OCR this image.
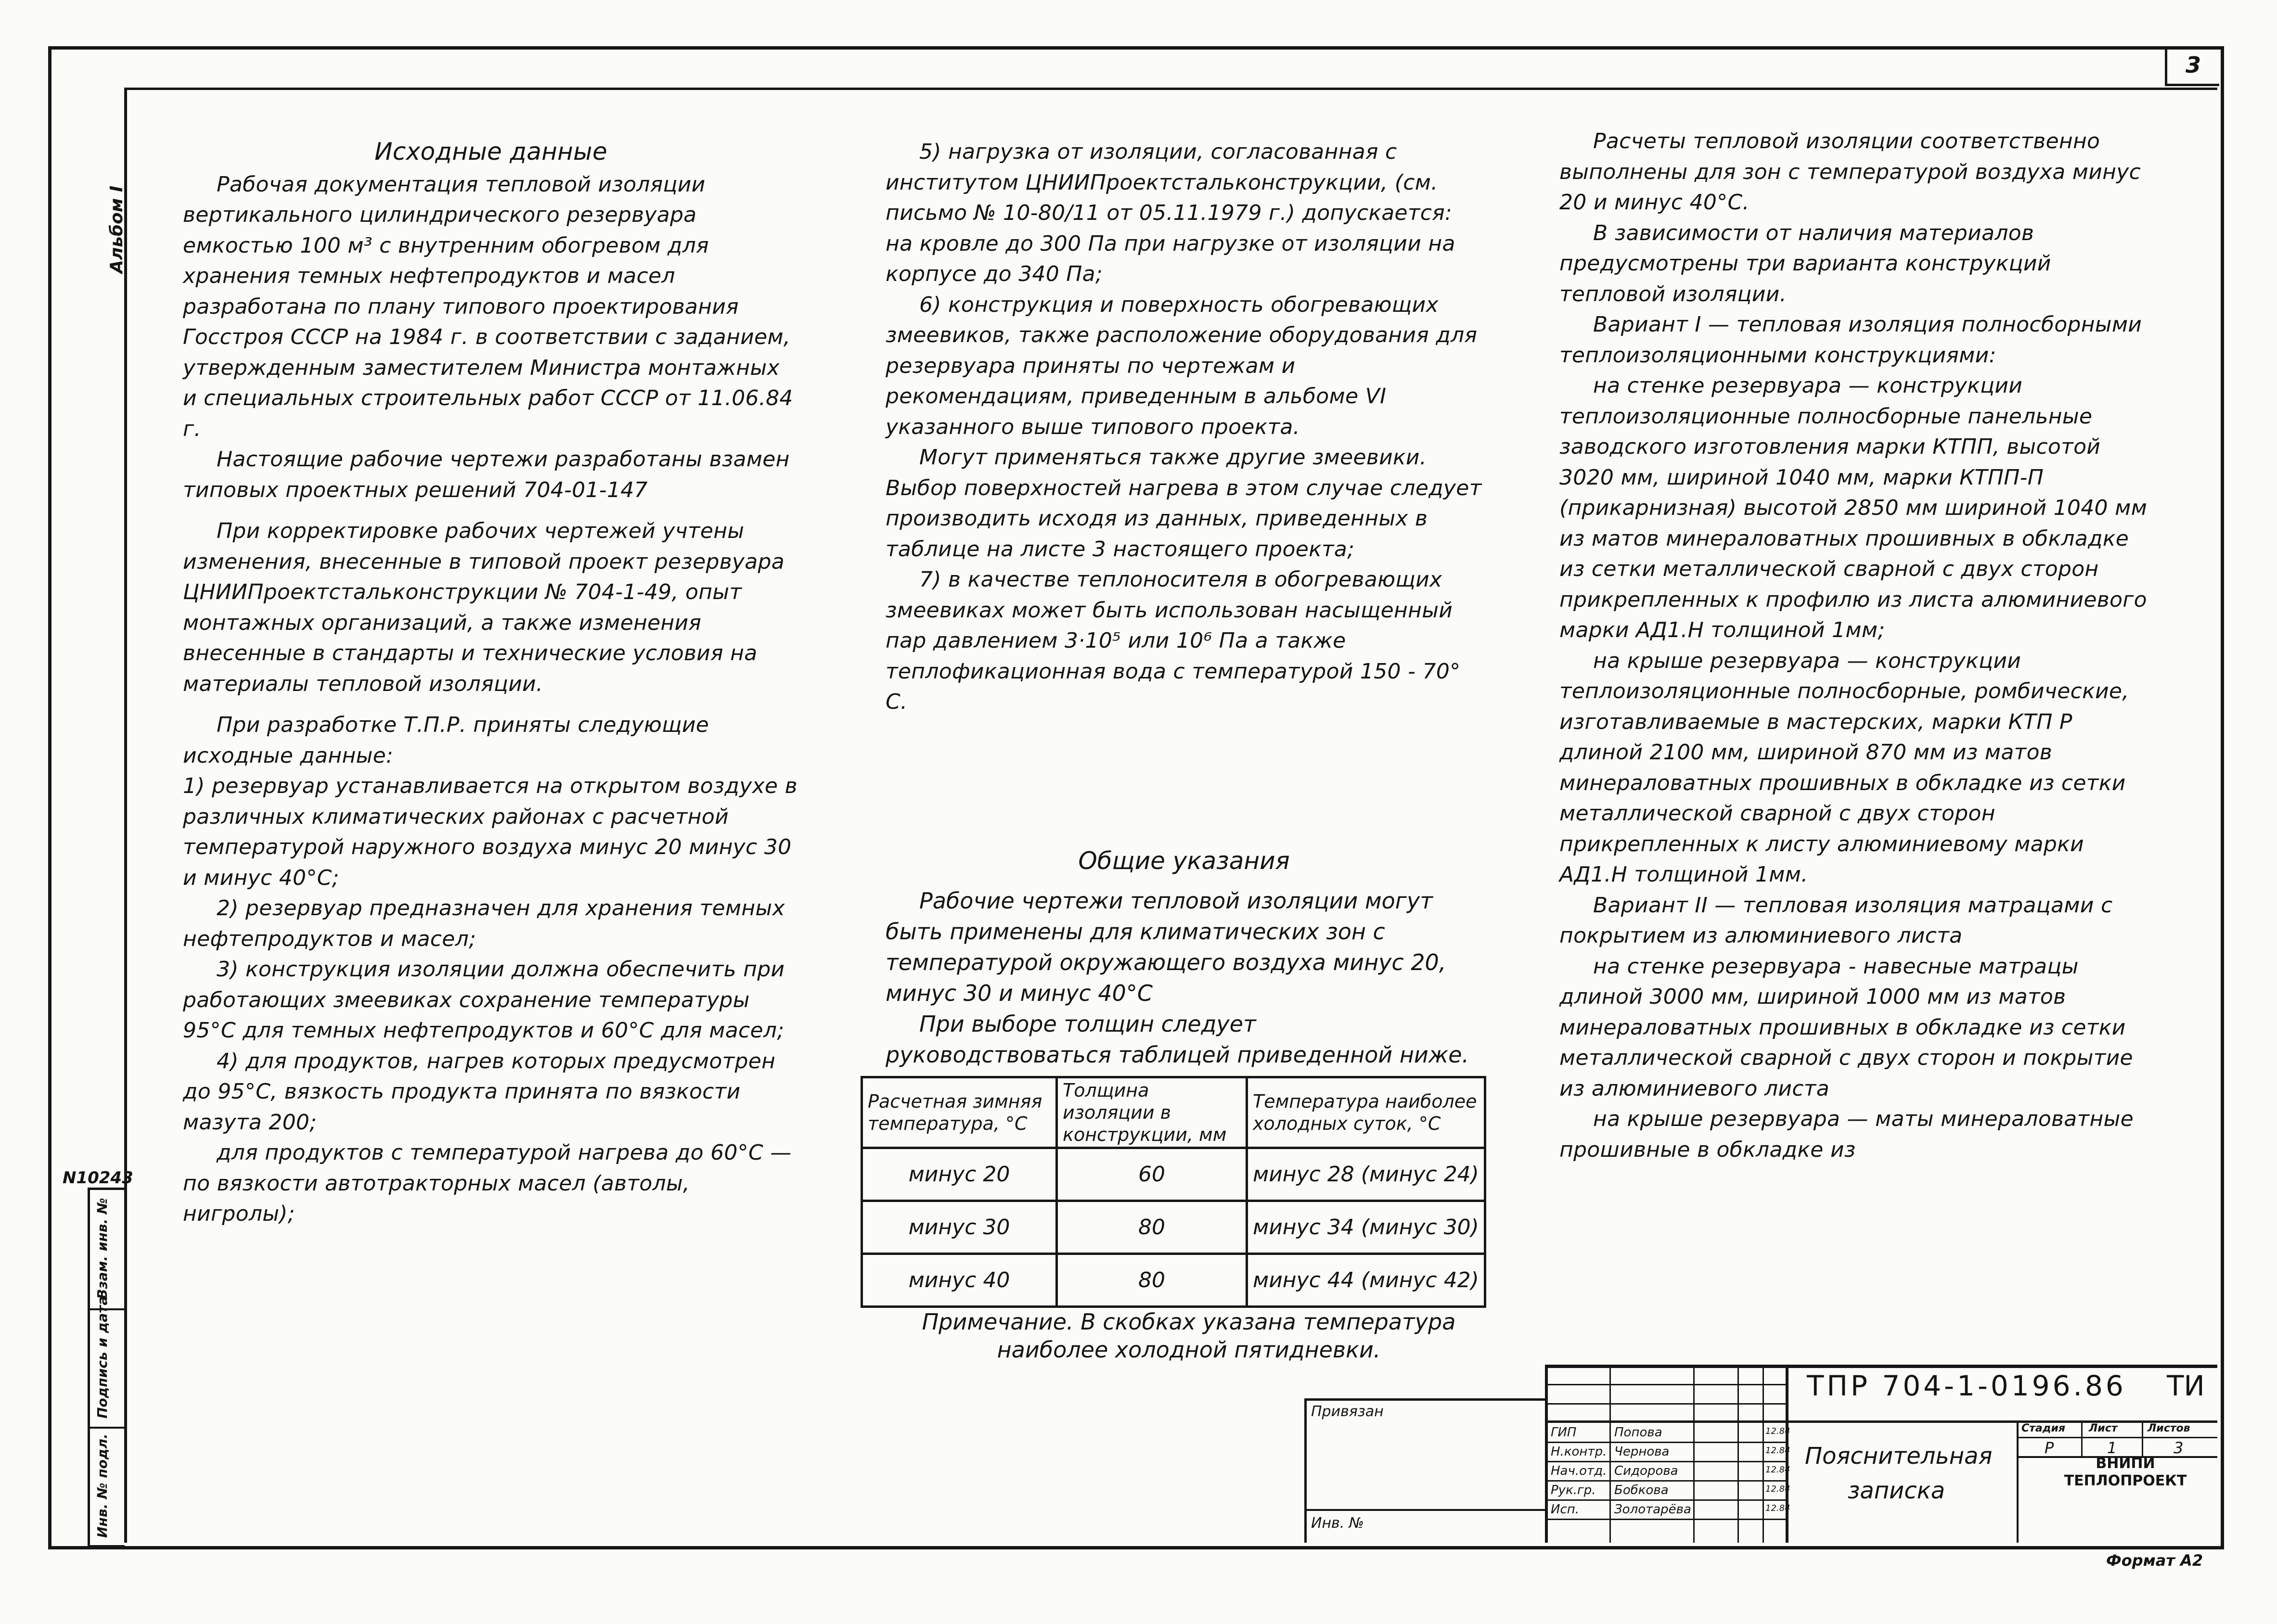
3
Альбом I
N10243
Взам. инв. №
Подпись и дата
Инв. № подл.

Исходные данные

Рабочая документация тепловой изоляции вертикального цилиндрического резервуара емкостью 100 м³ с внутренним обогревом для хранения темных нефтепродуктов и масел разработана по плану типового проектирования Госстроя СССР на 1984 г. в соответствии с заданием, утвержденным заместителем Министра монтажных и специальных строительных работ СССР от 11.06.84 г.

Настоящие рабочие чертежи разработаны взамен типовых проектных решений 704-01-147

При корректировке рабочих чертежей учтены изменения, внесенные в типовой проект резервуара ЦНИИПроектстальконструкции № 704-1-49, опыт монтажных организаций, а также изменения внесенные в стандарты и технические условия на материалы тепловой изоляции.

При разработке Т.П.Р. приняты следующие исходные данные:

1) резервуар устанавливается на открытом воздухе в различных климатических районах с расчетной температурой наружного воздуха минус 20 минус 30 и минус 40°С;

2) резервуар предназначен для хранения темных нефтепродуктов и масел;

3) конструкция изоляции должна обеспечить при работающих змеевиках сохранение температуры 95°С для темных нефтепродуктов и 60°С для масел;

4) для продуктов, нагрев которых предусмотрен до 95°С, вязкость продукта принята по вязкости мазута 200;

для продуктов с температурой нагрева до 60°С — по вязкости автотракторных масел (автолы, нигролы);

5) нагрузка от изоляции, согласованная с институтом ЦНИИПроектстальконструкции, (см. письмо № 10-80/11 от 05.11.1979 г.) допускается: на кровле до 300 Па при нагрузке от изоляции на корпусе до 340 Па;

6) конструкция и поверхность обогревающих змеевиков, также расположение оборудования для резервуара приняты по чертежам и рекомендациям, приведенным в альбоме VI указанного выше типового проекта.

Могут применяться также другие змеевики. Выбор поверхностей нагрева в этом случае следует производить исходя из данных, приведенных в таблице на листе 3 настоящего проекта;

7) в качестве теплоносителя в обогревающих змеевиках может быть использован насыщенный пар давлением 3·10⁵ или 10⁶ Па а также теплофикационная вода с температурой 150 - 70° С.

Общие указания

Рабочие чертежи тепловой изоляции могут быть применены для климатических зон с температурой окружающего воздуха минус 20, минус 30 и минус 40°С

При выборе толщин следует руководствоваться таблицей приведенной ниже.

Расчетная зимняя температура, °С	Толщина изоляции в конструкции, мм	Температура наиболее холодных суток, °С
минус 20	60	минус 28 (минус 24)
минус 30	80	минус 34 (минус 30)
минус 40	80	минус 44 (минус 42)
Примечание. В скобках указана температура наиболее холодной пятидневки.

Расчеты тепловой изоляции соответственно выполнены для зон с температурой воздуха минус 20 и минус 40°С.

В зависимости от наличия материалов предусмотрены три варианта конструкций тепловой изоляции.

Вариант I — тепловая изоляция полносборными теплоизоляционными конструкциями:

на стенке резервуара — конструкции теплоизоляционные полносборные панельные заводского изготовления марки КТПП, высотой 3020 мм, шириной 1040 мм, марки КТПП-П (прикарнизная) высотой 2850 мм шириной 1040 мм из матов минераловатных прошивных в обкладке из сетки металлической сварной с двух сторон прикрепленных к профилю из листа алюминиевого марки АД1.Н толщиной 1мм;

на крыше резервуара — конструкции теплоизоляционные полносборные, ромбические, изготавливаемые в мастерских, марки КТП Р длиной 2100 мм, шириной 870 мм из матов минераловатных прошивных в обкладке из сетки металлической сварной с двух сторон прикрепленных к листу алюминиевому марки АД1.Н толщиной 1мм.

Вариант II — тепловая изоляция матрацами с покрытием из алюминиевого листа

на стенке резервуара - навесные матрацы длиной 3000 мм, шириной 1000 мм из матов минераловатных прошивных в обкладке из сетки металлической сварной с двух сторон и покрытие из алюминиевого листа

на крыше резервуара — маты минераловатные прошивные в обкладке из

Привязан
Инв. №
ГИП	Попова	12.84
Н.контр. Чернова	12.84
Нач.отд. Сидорова	12.84
Рук.гр. Бобкова	12.84
Исп.	Золотарёва	12.84
Стадия Лист	Листов
Р	1	3
ТПР 704-1-0196.86 ТИ
Пояснительная записка
ВНИПИ ТЕПЛОПРОЕКТ
Формат А2
